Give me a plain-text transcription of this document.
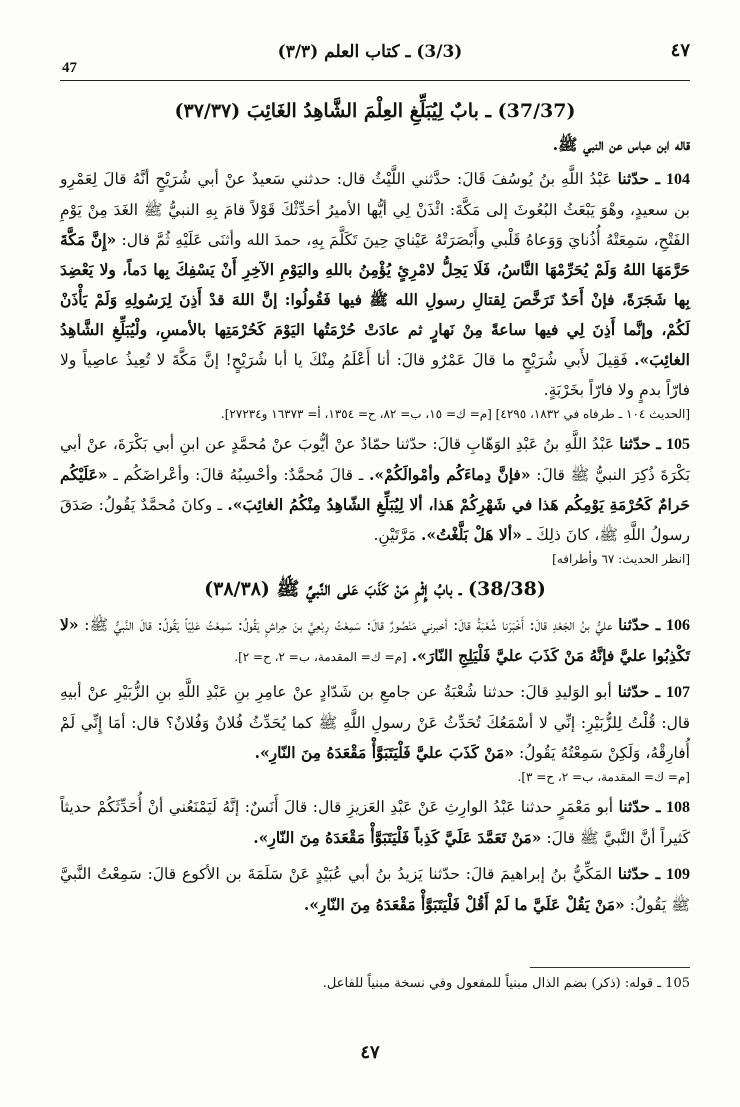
٤٧
(3/3) ـ كتاب العلم (٣/٣)
47
(37/37) ـ بابٌ لِيُبَلِّغِ العِلْمَ الشَّاهِدُ الغَائِبَ (٣٧/٣٧)
قاله ابن عباس عن النبي ﷺ.

104 ـ حدّثنا عَبْدُ اللَّهِ بنُ يُوسُفَ قَالَ: حدَّثني اللَّيْثُ قال: حدثني سَعيدٌ عنْ أبي شُرَيْحٍ أنَّهُ قالَ لِعَمْرِو بن سعيدٍ، وهْوَ يَبْعَثُ البُعُوثَ إلى مَكَّةَ: ائْذَنْ لِي أيُّها الأميرُ أحَدِّثْكَ قَوْلاً قامَ بِهِ النبيُّ ﷺ الغَدَ مِنْ يَوْمِ الفَتْحِ، سَمِعَتْهُ أُذُنايَ وَوَعاهُ قَلْبي وأَبْصَرَتْهُ عَيْنايَ حِينَ تَكَلَّمَ بِهِ، حمدَ الله وأثنَى عَلَيْهِ ثُمَّ قال: «إِنَّ مَكَّةَ حَرَّمَهَا اللهُ وَلَمْ يُحَرِّمْهَا النَّاسُ، فَلَا يَحِلُّ لامْرِئٍ يُؤْمِنُ باللهِ واليَوْمِ الآخِرِ أَنْ يَسْفِكَ بِها دَماً، ولا يَعْضِدَ بِها شَجَرَةً، فإنْ أَحَدٌ تَرَخَّصَ لِقتالِ رسولِ الله ﷺ فيها فَقُولُوا: إنَّ اللهَ قدْ أَذِنَ لِرَسُولِهِ وَلَمْ يَأْذَنْ لَكُمْ، وإنَّما أَذِنَ لِي فيها ساعةً مِنْ نَهارٍ ثم عادَتْ حُرْمَتُها اليَوْمَ كَحُرْمَتِها بالأمسِ، ولْيُبَلِّغِ الشَّاهِدُ الغائِبَ». فَقِيلَ لأَبي شُرَيْحٍ ما قالَ عَمْرٌو قالَ: أنا أَعْلَمُ مِنْكَ يا أبا شُرَيْحٍ! إنَّ مَكَّةَ لا تُعِيذُ عاصِياً ولا فارّاً بدمٍ ولا فارّاً بخَرْبَةٍ.

[الحديث ١٠٤ ـ طرفاه في ١٨٣٢، ٤٢٩٥] [م= ك= ١٥، ب= ٨٢، ح= ١٣٥٤، أ= ١٦٣٧٣ و٢٧٢٣٤].

105 ـ حدّثنا عَبْدُ اللَّهِ بنُ عَبْدِ الوَهّابِ قالَ: حدّثنا حمّادٌ عنْ أيُّوبَ عنْ مُحمَّدٍ عن ابنِ أبي بَكْرَةَ، عنْ أبي بَكْرَةَ ذُكِرَ النبيُّ ﷺ قالَ: «فإنَّ دِماءَكُم وأمْوالَكُمْ». ـ قالَ مُحمَّدٌ: وأحْسِبُهُ قالَ: وأعْراضَكُم ـ «عَلَيْكُم حَرامٌ كَحُرْمَةِ يَوْمِكُم هَذا في شَهْرِكُمْ هَذا، ألا لِيُبَلِّغِ الشّاهِدُ مِنْكُمُ الغائِبَ». ـ وكانَ مُحمَّدٌ يَقُولُ: صَدَقَ رسولُ اللَّهِ ﷺ، كانَ ذلِكَ ـ «ألا هَلْ بَلَّغْتُ». مَرَّتَيْنِ.

[انظر الحديث: ٦٧ وأطرافه]
(38/38) ـ بابُ إِثْمِ مَنْ كَذَبَ عَلى النَّبيِّ ﷺ (٣٨/٣٨)

106 ـ حدّثنا عليُّ بنُ الجَعْدِ قالَ: أَخْبَرَنا شُعْبَةُ قالَ: أخبرني مَنْصُورٌ قالَ: سَمِعْتُ رِبْعِيَّ بنَ حِراشٍ يَقُولُ: سَمِعْتُ عَلِيّاً يَقُولُ: قالَ النَّبيُّ ﷺ: «لا تَكْذِبُوا عليَّ فإنَّهُ مَنْ كَذَبَ عليَّ فَلْيَلِجِ النّارَ». [م= ك= المقدمة، ب= ٢، ح= ٢].

107 ـ حدّثنا أبو الوَليدِ قالَ: حدثنا شُعْبَةُ عن جامعِ بن شَدّادٍ عنْ عامِرِ بنِ عَبْدِ اللَّهِ بنِ الزُّبَيْرِ عنْ أبيهِ قال: قُلْتُ لِلزُّبَيْرِ: إنِّي لا أسْمَعُكَ تُحَدِّثُ عَنْ رسولِ اللَّهِ ﷺ كما يُحَدِّثُ فُلانٌ وَفُلانٌ؟ قال: أمَا إِنِّي لَمْ أُفارِقْهُ، وَلَكِنْ سَمِعْتُهُ يَقُولُ: «مَنْ كَذَبَ عليَّ فَلْيَتَبَوَّأْ مَقْعَدَهُ مِنَ النّارِ».

[م= ك= المقدمة، ب= ٢، ح= ٣].

108 ـ حدّثنا أبو مَعْمَرٍ حدثنا عَبْدُ الوارِثِ عَنْ عَبْدِ العَزيزِ قال: قالَ أَنَسٌ: إنَّهُ لَيَمْنَعُني أنْ أُحَدِّثَكُمْ حديثاً كَثيراً أنَّ النَّبيَّ ﷺ قالَ: «مَنْ تَعَمَّدَ عَلَيَّ كَذِباً فَلْيَتَبَوَّأْ مَقْعَدَهُ مِنَ النّارِ».

109 ـ حدّثنا المَكِّيُّ بنُ إبراهيمَ قالَ: حدّثنا يَزيدُ بنُ أبي عُبَيْدٍ عَنْ سَلَمَةَ بن الأكوع قالَ: سَمِعْتُ النَّبيَّ ﷺ يَقُولُ: «مَنْ يَقُلْ عَلَيَّ ما لَمْ أَقُلْ فَلْيَتَبَوَّأْ مَقْعَدَهُ مِنَ النّارِ».

105 ـ قوله: (ذكر) بضم الذال مبنياً للمفعول وفي نسخة مبنياً للفاعل.
٤٧
